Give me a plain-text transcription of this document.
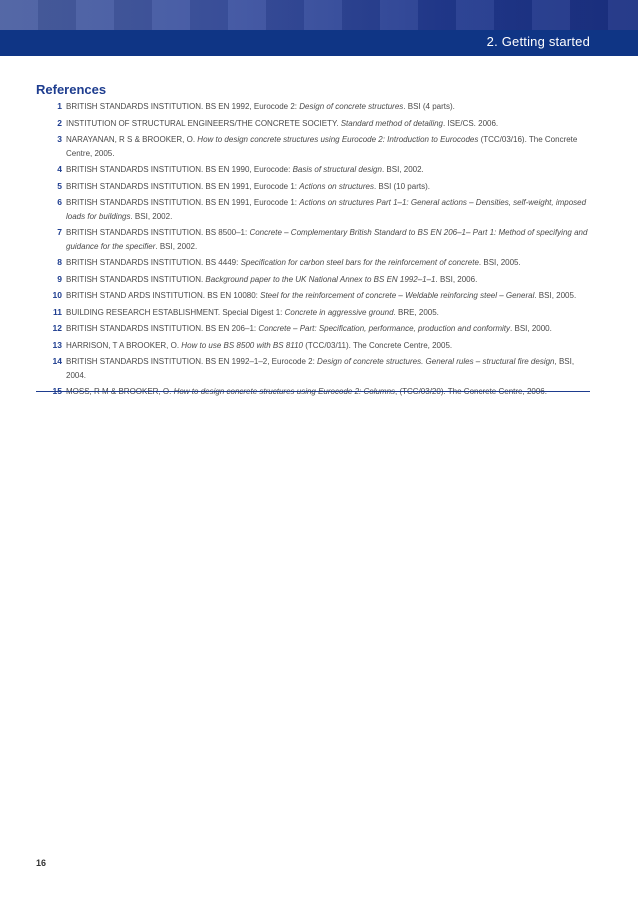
2. Getting started
References
1 BRITISH STANDARDS INSTITUTION. BS EN 1992, Eurocode 2: Design of concrete structures. BSI (4 parts).
2 INSTITUTION OF STRUCTURAL ENGINEERS/THE CONCRETE SOCIETY. Standard method of detailing. ISE/CS. 2006.
3 NARAYANAN, R S & BROOKER, O. How to design concrete structures using Eurocode 2: Introduction to Eurocodes (TCC/03/16). The Concrete Centre, 2005.
4 BRITISH STANDARDS INSTITUTION. BS EN 1990, Eurocode: Basis of structural design. BSI, 2002.
5 BRITISH STANDARDS INSTITUTION. BS EN 1991, Eurocode 1: Actions on structures. BSI (10 parts).
6 BRITISH STANDARDS INSTITUTION. BS EN 1991, Eurocode 1: Actions on structures Part 1–1: General actions – Densities, self-weight, imposed loads for buildings. BSI, 2002.
7 BRITISH STANDARDS INSTITUTION. BS 8500–1: Concrete – Complementary British Standard to BS EN 206–1– Part 1: Method of specifying and guidance for the specifier. BSI, 2002.
8 BRITISH STANDARDS INSTITUTION. BS 4449: Specification for carbon steel bars for the reinforcement of concrete. BSI, 2005.
9 BRITISH STANDARDS INSTITUTION. Background paper to the UK National Annex to BS EN 1992–1–1. BSI, 2006.
10 BRITISH STAND ARDS INSTITUTION. BS EN 10080: Steel for the reinforcement of concrete – Weldable reinforcing steel – General. BSI, 2005.
11 BUILDING RESEARCH ESTABLISHMENT. Special Digest 1: Concrete in aggressive ground. BRE, 2005.
12 BRITISH STANDARDS INSTITUTION. BS EN 206–1: Concrete – Part: Specification, performance, production and conformity. BSI, 2000.
13 HARRISON, T A BROOKER, O. How to use BS 8500 with BS 8110 (TCC/03/11). The Concrete Centre, 2005.
14 BRITISH STANDARDS INSTITUTION. BS EN 1992–1–2, Eurocode 2: Design of concrete structures. General rules – structural fire design, BSI, 2004.
15 MOSS, R M & BROOKER, O. How to design concrete structures using Eurocode 2: Columns, (TCC/03/20). The Concrete Centre, 2006.
16
